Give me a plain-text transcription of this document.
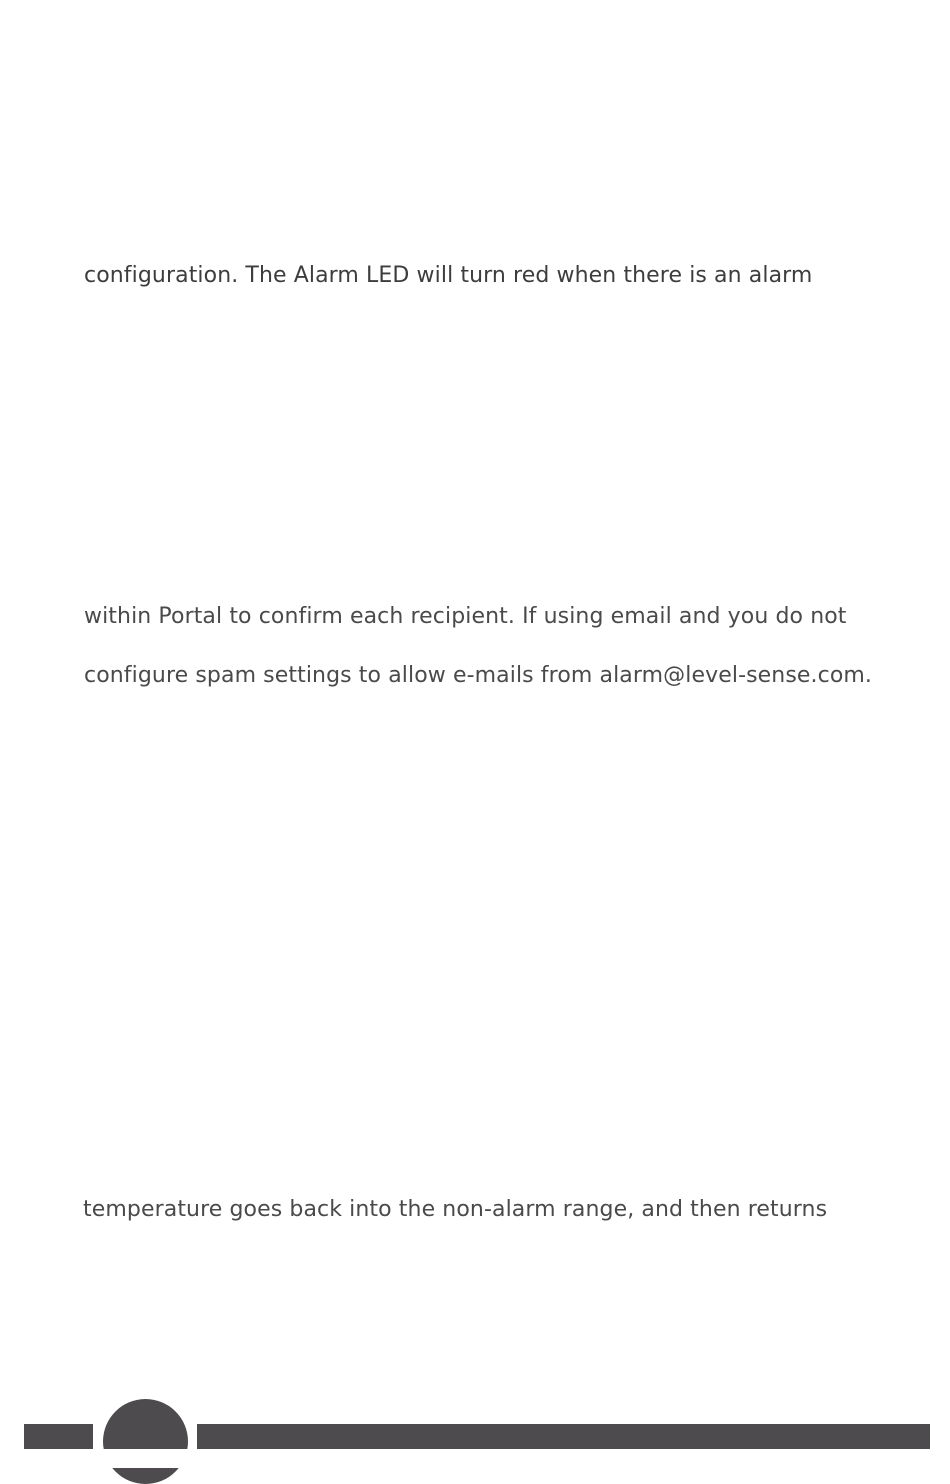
configuration. The Alarm LED will turn red when there is an alarm
within Portal to confirm each recipient. If using email and you do not
configure spam settings to allow e-mails from alarm@level-sense.com.
temperature goes back into the non-alarm range, and then returns
